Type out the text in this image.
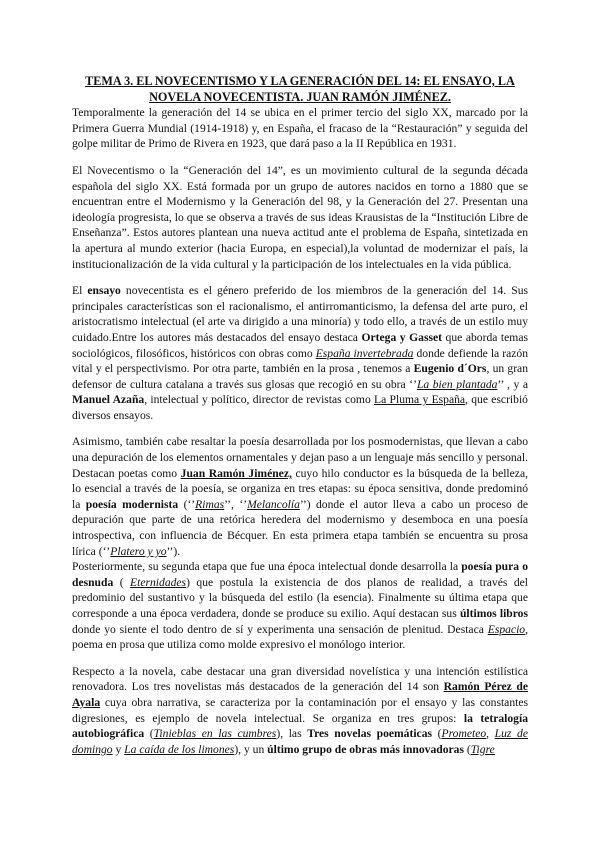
TEMA 3. EL NOVECENTISMO Y LA GENERACIÓN DEL 14: EL ENSAYO, LA NOVELA NOVECENTISTA. JUAN RAMÓN JIMÉNEZ.

Temporalmente la generación del 14 se ubica en el primer tercio del siglo XX, marcado por la Primera Guerra Mundial (1914-1918) y, en España, el fracaso de la “Restauración” y seguida del golpe militar de Primo de Rivera en 1923, que dará paso a la II República en 1931.

El Novecentismo o la “Generación del 14”, es un movimiento cultural de la segunda década española del siglo XX. Está formada por un grupo de autores nacidos en torno a 1880 que se encuentran entre el Modernismo y la Generación del 98, y la Generación del 27. Presentan una ideología progresista, lo que se observa a través de sus ideas Krausistas de la “Institución Libre de Enseñanza”. Estos autores plantean una nueva actitud ante el problema de España, sintetizada en la apertura al mundo exterior (hacia Europa, en especial),la voluntad de modernizar el país, la institucionalización de la vida cultural y la participación de los intelectuales en la vida pública.

El ensayo novecentista es el género preferido de los miembros de la generación del 14. Sus principales características son el racionalismo, el antirromanticismo, la defensa del arte puro, el aristocratismo intelectual (el arte va dirigido a una minoría) y todo ello, a través de un estilo muy cuidado.Entre los autores más destacados del ensayo destaca Ortega y Gasset que aborda temas sociológicos, filosóficos, históricos con obras como España invertebrada donde defiende la razón vital y el perspectivismo. Por otra parte, también en la prosa , tenemos a Eugenio d´Ors, un gran defensor de cultura catalana a través sus glosas que recogió en su obra ‘’La bien plantada’’ , y a Manuel Azaña, intelectual y político, director de revistas como La Pluma y España, que escribió diversos ensayos.

Asimismo, también cabe resaltar la poesía desarrollada por los posmodernistas, que llevan a cabo una depuración de los elementos ornamentales y dejan paso a un lenguaje más sencillo y personal. Destacan poetas como Juan Ramón Jiménez, cuyo hilo conductor es la búsqueda de la belleza, lo esencial a través de la poesía, se organiza en tres etapas: su época sensitiva, donde predominó la poesía modernista (‘’Rimas’’, ‘’Melancolía’’) donde el autor lleva a cabo un proceso de depuración que parte de una retórica heredera del modernismo y desemboca en una poesía introspectiva, con influencia de Bécquer. En esta primera etapa también se encuentra su prosa lírica (‘’Platero y yo’’).

Posteriormente, su segunda etapa que fue una época intelectual donde desarrolla la poesía pura o desnuda ( Eternidades) que postula la existencia de dos planos de realidad, a través del predominio del sustantivo y la búsqueda del estilo (la esencia). Finalmente su última etapa que corresponde a una época verdadera, donde se produce su exilio. Aquí destacan sus últimos libros donde yo siente el todo dentro de sí y experimenta una sensación de plenitud. Destaca Espacio, poema en prosa que utiliza como molde expresivo el monólogo interior.

Respecto a la novela, cabe destacar una gran diversidad novelística y una intención estilística renovadora. Los tres novelistas más destacados de la generación del 14 son Ramón Pérez de Ayala cuya obra narrativa, se caracteriza por la contaminación por el ensayo y las constantes digresiones, es ejemplo de novela intelectual. Se organiza en tres grupos: la tetralogía autobiográfica (Tinieblas en las cumbres), las Tres novelas poemáticas (Prometeo, Luz de domingo y La caída de los limones), y un último grupo de obras más innovadoras (Tigre
